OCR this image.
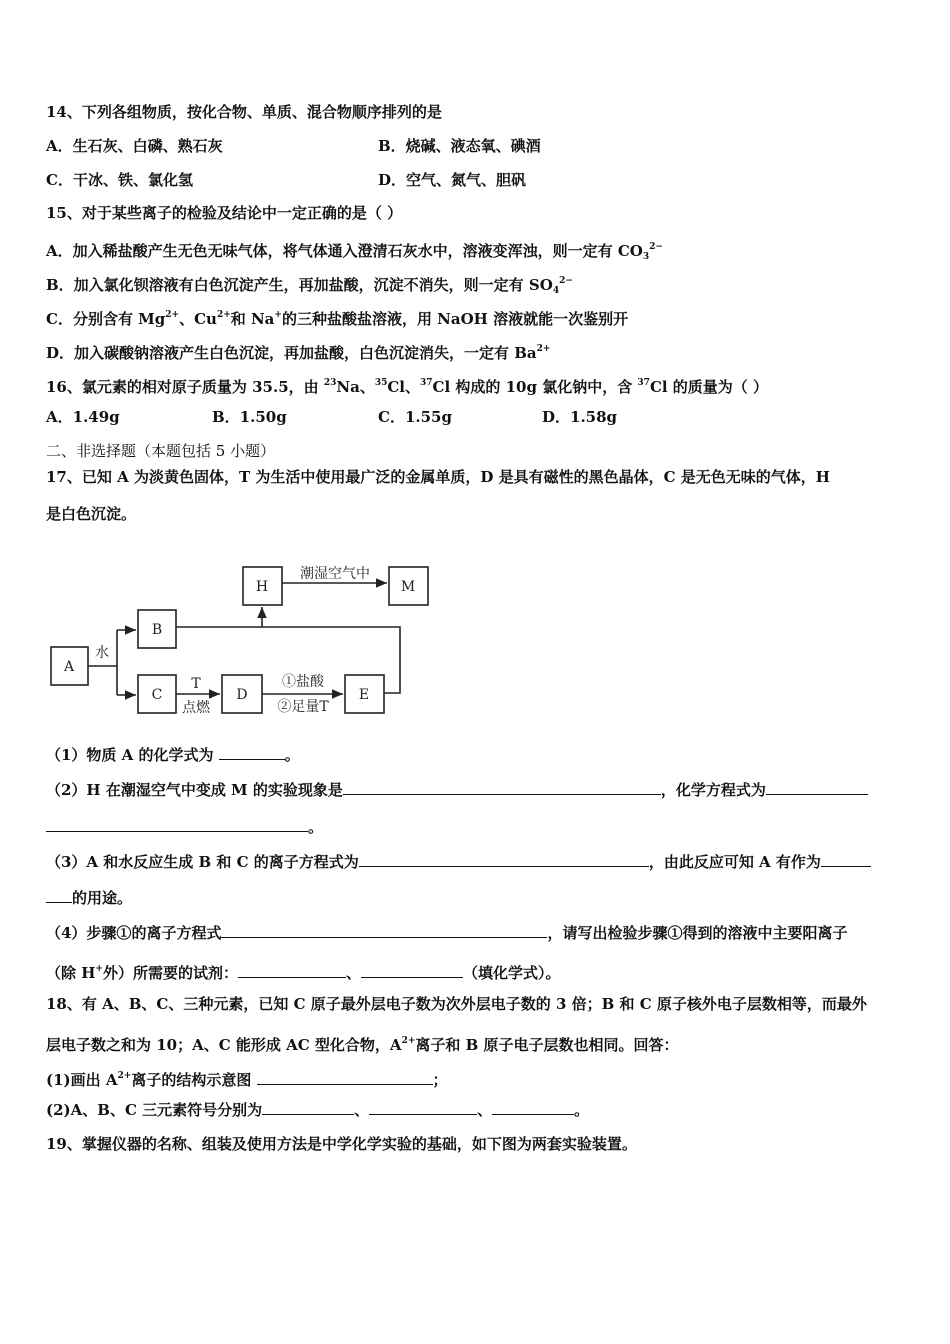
14、下列各组物质，按化合物、单质、混合物顺序排列的是
A．生石灰、白磷、熟石灰	B．烧碱、液态氧、碘酒
C．干冰、铁、氯化氢	D．空气、氮气、胆矾
15、对于某些离子的检验及结论中一定正确的是（ ）
A．加入稀盐酸产生无色无味气体，将气体通入澄清石灰水中，溶液变浑浊，则一定有 $CO_3^{2-}$
B．加入氯化钡溶液有白色沉淀产生，再加盐酸，沉淀不消失，则一定有 $SO_4^{2-}$
C．分别含有 $Mg^{2+}$、$Cu^{2+}$和 Na+的三种盐酸盐溶液，用 NaOH 溶液就能一次鉴别开
D．加入碳酸钠溶液产生白色沉淀，再加盐酸，白色沉淀消失，一定有 $Ba^{2+}$
16、氯元素的相对原子质量为 35.5，由 $^{23}$Na、$^{35}$Cl、$^{37}$Cl 构成的 10g 氯化钠中，含 $^{37}$Cl 的质量为（ ）
A．1.49g	B．1.50g	C．1.55g	D．1.58g
二、非选择题（本题包括 5 小题）
17、已知 A 为淡黄色固体，T 为生活中使用最广泛的金属单质，D 是具有磁性的黑色晶体，C 是无色无味的气体，H
是白色沉淀。
A
B
C	D	E
H	M
水
潮湿空气中
T
点燃
①盐酸
②足量T
（1）物质 A 的化学式为	。
（2）H 在潮湿空气中变成 M 的实验现象是	，化学方程式为
。
（3）A 和水反应生成 B 和 C 的离子方程式为	，由此反应可知 A 有作为
的用途。
（4）步骤①的离子方程式	，请写出检验步骤①得到的溶液中主要阳离子
（除 H+外）所需要的试剂：	、	（填化学式）。
18、有 A、B、C、三种元素，已知 C 原子最外层电子数为次外层电子数的 3 倍；B 和 C 原子核外电子层数相等，而最外
层电子数之和为 10；A、C 能形成 AC 型化合物，$A^{2+}$离子和 B 原子电子层数也相同。回答：
(1)画出 $A^{2+}$离子的结构示意图	；
(2)A、B、C 三元素符号分别为	、	、	。
19、掌握仪器的名称、组装及使用方法是中学化学实验的基础，如下图为两套实验装置。
